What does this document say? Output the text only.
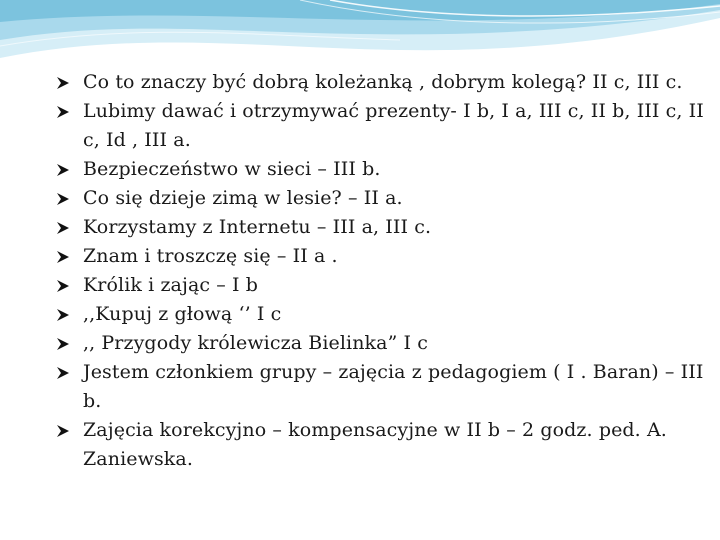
Co to znaczy być dobrą koleżanką , dobrym kolegą? II c, III c.
Lubimy dawać i otrzymywać prezenty- I b, I a, III c, II b, III c, II c, Id , III a.
Bezpieczeństwo w sieci – III b.
Co się dzieje zimą w lesie? – II a.
Korzystamy z Internetu – III a, III c.
Znam i troszczę się – II a .
Królik i zając – I b
,,Kupuj z głową ‘’ I c
,, Przygody królewicza Bielinka” I c
Jestem członkiem grupy – zajęcia z pedagogiem ( I . Baran) – III b.
Zajęcia korekcyjno – kompensacyjne w II b – 2 godz. ped. A. Zaniewska.
